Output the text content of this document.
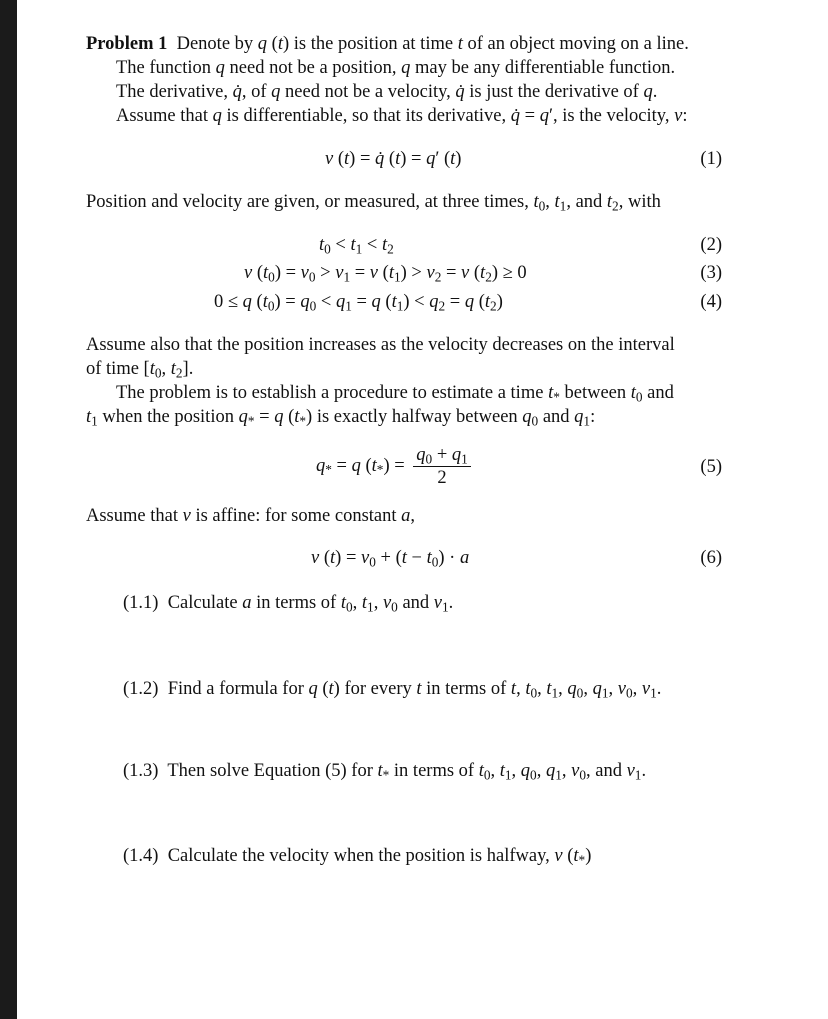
Problem 1  Denote by q (t) is the position at time t of an object moving on a line.
The function q need not be a position, q may be any differentiable function.
The derivative, q̇, of q need not be a velocity, q̇ is just the derivative of q.
Assume that q is differentiable, so that its derivative, q̇ = q′, is the velocity, v:
v (t) = q̇ (t) = q′ (t)	(1)
Position and velocity are given, or measured, at three times, $t_0$, $t_1$, and $t_2$, with
$t_0 < t_1 < t_2$	(2)
v $(t_0) = v_0 > v_1 = v$ $(t_1) > v_2 = v$ $(t_2) \ge 0$	(3)
0 ≤ q $(t_0) = q_0 < q_1 = q$ $(t_1) < q_2 = q$ $(t_2)$	(4)
Assume also that the position increases as the velocity decreases on the interval
of time [$t_0$, $t_2$].
The problem is to establish a procedure to estimate a time $t_*$ between $t_0$ and
$t_1$ when the position $q_* = q$ $(t_*)$ is exactly halfway between $q_0$ and $q_1$:
$q_* = q$ $(t_*) = \frac{q_0 + q_1}{2}$	(5)
Assume that v is affine: for some constant a,
v $(t) = v_0 + (t - t_0) \cdot a$	(6)
(1.1)  Calculate a in terms of $t_0$, $t_1$, $v_0$ and $v_1$.
(1.2)  Find a formula for q (t) for every t in terms of t, $t_0$, $t_1$, $q_0$, $q_1$, $v_0$, $v_1$.
(1.3)  Then solve Equation (5) for $t_*$ in terms of $t_0$, $t_1$, $q_0$, $q_1$, $v_0$, and $v_1$.
(1.4)  Calculate the velocity when the position is halfway, v $(t_*)$
